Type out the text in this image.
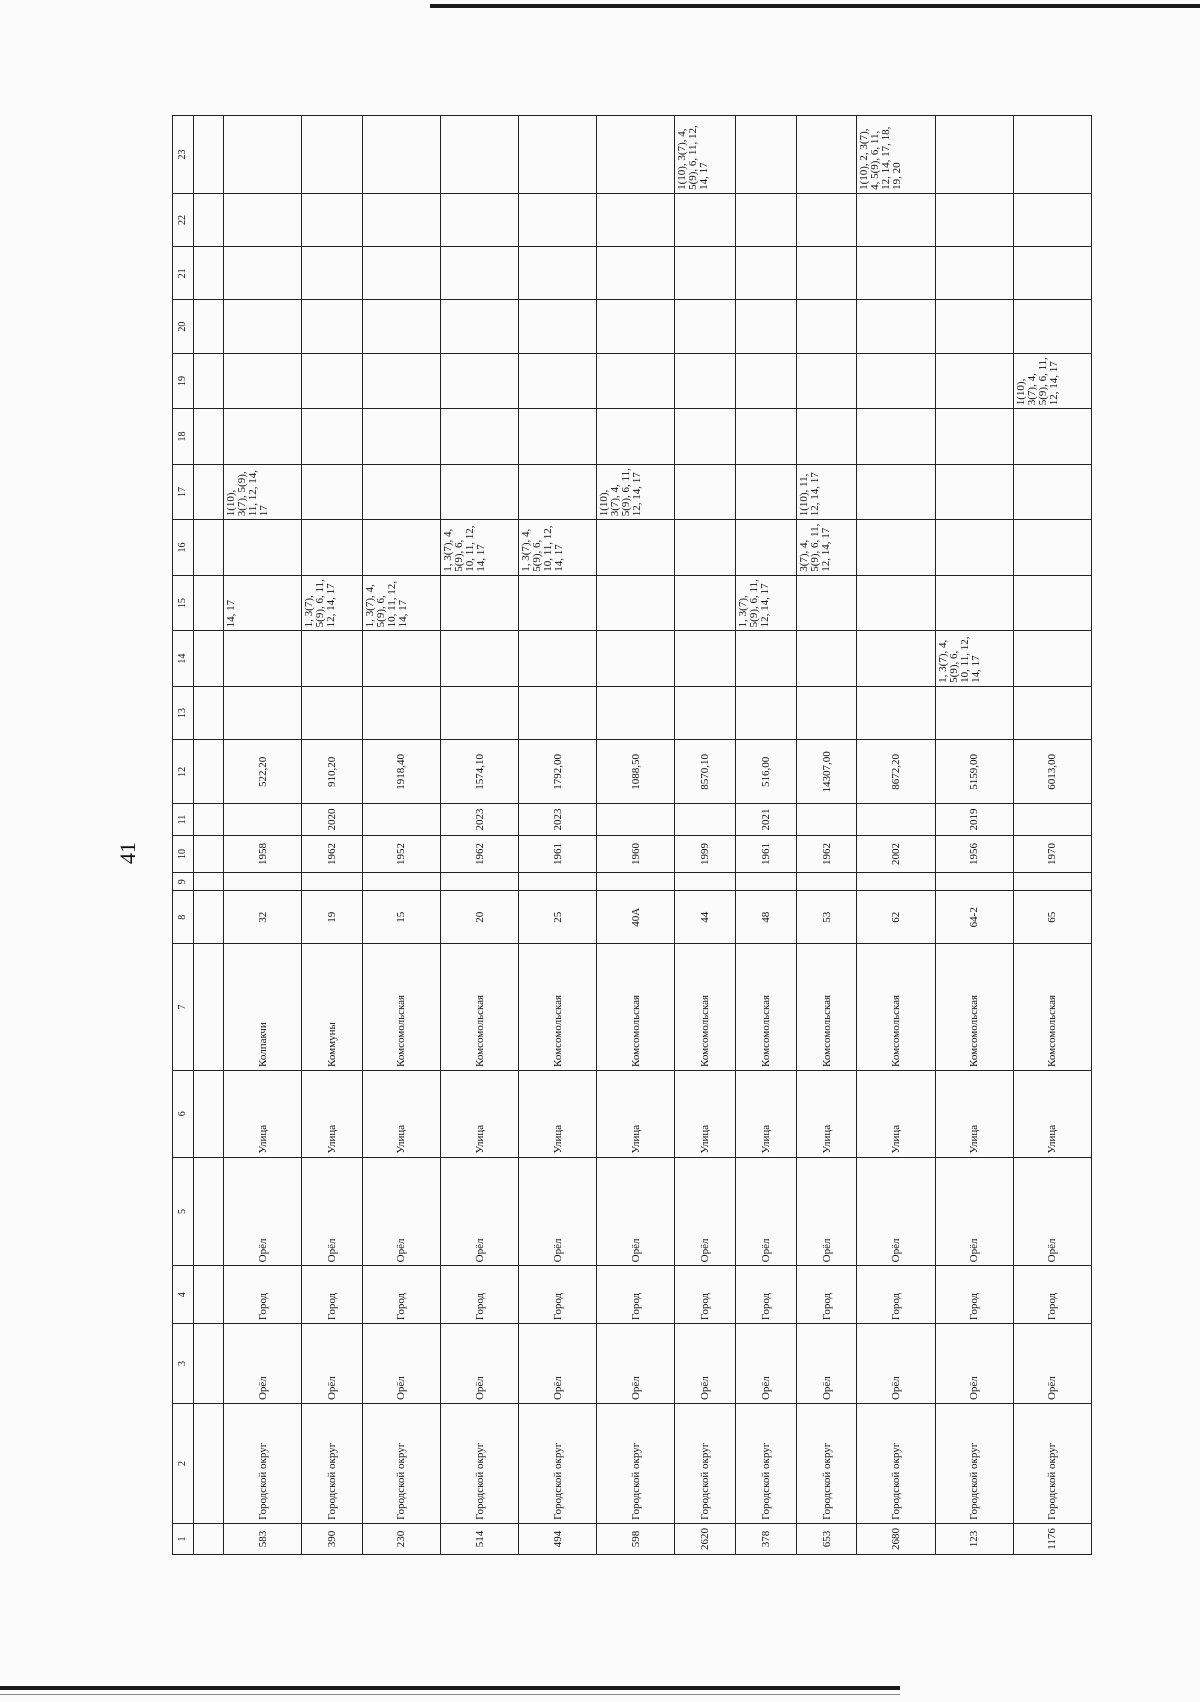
41
1	2	3	4	5	6	7	8	9	10	11	12	13	14	15	16	17	18	19	20	21	22	23

583	Городской округ	Орёл	Город	Орёл	Улица	Колпакчи	32		1958		522,20			14, 17		1(10), 3(7), 5(9), 11, 12, 14, 17						
390	Городской округ	Орёл	Город	Орёл	Улица	Коммуны	19		1962	2020	910,20			1, 3(7), 5(9), 6, 11, 12, 14, 17								
230	Городской округ	Орёл	Город	Орёл	Улица	Комсомольская	15		1952		1918,40			1, 3(7), 4, 5(9), 6, 10, 11, 12, 14, 17								
514	Городской округ	Орёл	Город	Орёл	Улица	Комсомольская	20		1962	2023	1574,10				1, 3(7), 4, 5(9), 6, 10, 11, 12, 14, 17							
494	Городской округ	Орёл	Город	Орёл	Улица	Комсомольская	25		1961	2023	1792,00				1, 3(7), 4, 5(9), 6, 10, 11, 12, 14, 17							
598	Городской округ	Орёл	Город	Орёл	Улица	Комсомольская	40А		1960		1088,50					1(10), 3(7), 4, 5(9), 6, 11, 12, 14, 17						
2620	Городской округ	Орёл	Город	Орёл	Улица	Комсомольская	44		1999		8570,10											1(10), 3(7), 4, 5(9), 6, 11, 12, 14, 17
378	Городской округ	Орёл	Город	Орёл	Улица	Комсомольская	48		1961	2021	516,00			1, 3(7), 5(9), 6, 11, 12, 14, 17								
653	Городской округ	Орёл	Город	Орёл	Улица	Комсомольская	53		1962		14307,00				3(7), 4, 5(9), 6, 11, 12, 14, 17	1(10), 11, 12, 14, 17						
2680	Городской округ	Орёл	Город	Орёл	Улица	Комсомольская	62		2002		8672,20											1(10), 2, 3(7), 4, 5(9), 6, 11, 12, 14, 17, 18, 19, 20
123	Городской округ	Орёл	Город	Орёл	Улица	Комсомольская	64-2		1956	2019	5159,00		1, 3(7), 4, 5(9), 6, 10, 11, 12, 14, 17									
1176	Городской округ	Орёл	Город	Орёл	Улица	Комсомольская	65		1970		6013,00							1(10), 3(7), 4, 5(9), 6, 11, 12, 14, 17				
